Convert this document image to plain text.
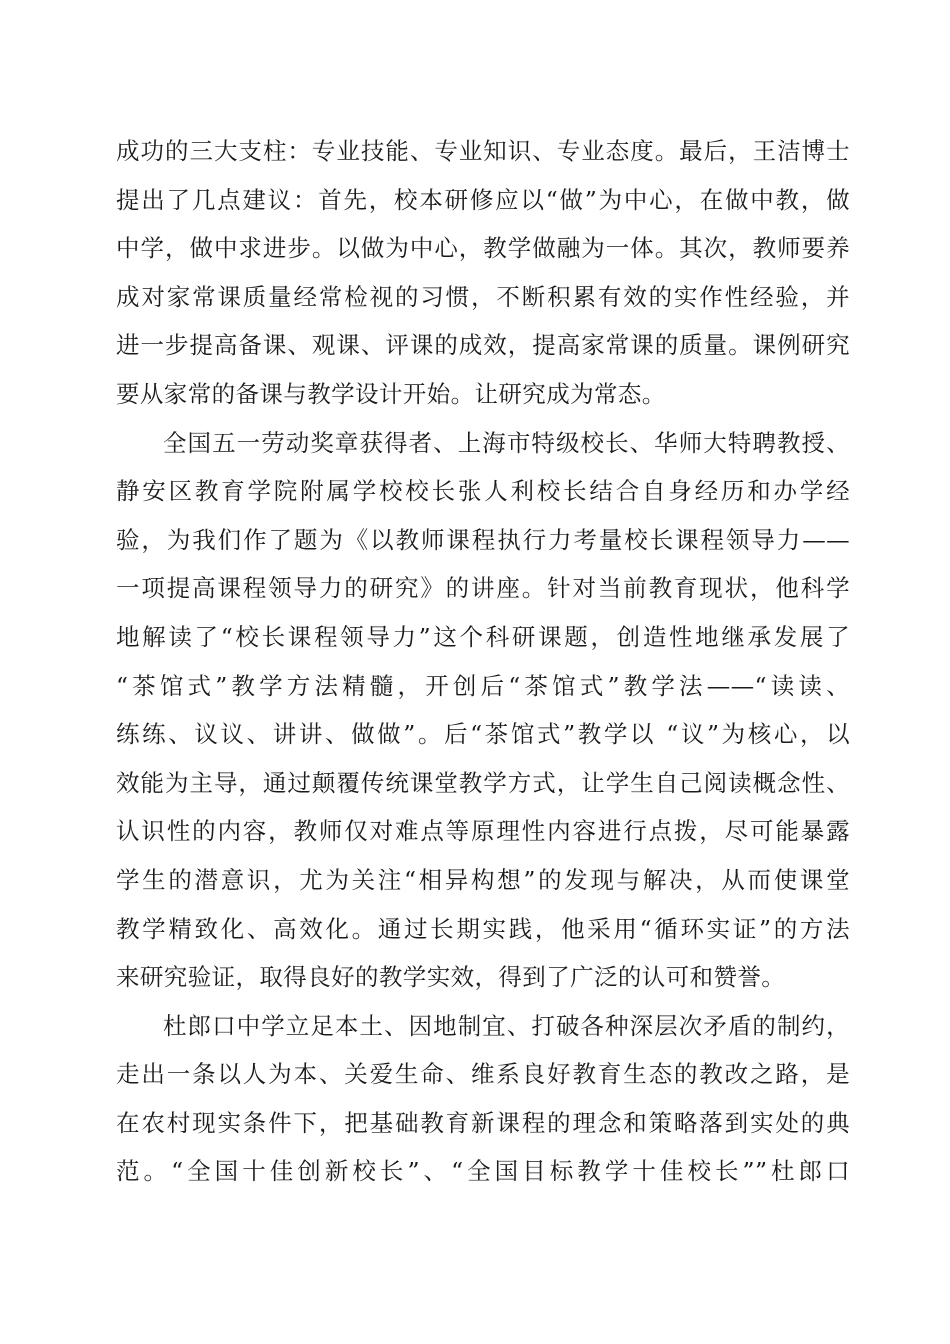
成功的三大支柱：专业技能、专业知识、专业态度。最后，王洁博士
提出了几点建议：首先，校本研修应以“做”为中心，在做中教，做
中学，做中求进步。以做为中心，教学做融为一体。其次，教师要养
成对家常课质量经常检视的习惯，不断积累有效的实作性经验，并
进一步提高备课、观课、评课的成效，提高家常课的质量。课例研究
要从家常的备课与教学设计开始。让研究成为常态。
全国五一劳动奖章获得者、上海市特级校长、华师大特聘教授、
静安区教育学院附属学校校长张人利校长结合自身经历和办学经
验，为我们作了题为《以教师课程执行力考量校长课程领导力——
一项提高课程领导力的研究》的讲座。针对当前教育现状，他科学
地解读了“校长课程领导力”这个科研课题，创造性地继承发展了
“茶馆式”教学方法精髓，开创后“茶馆式”教学法——“读读、
练练、议议、讲讲、做做”。后“茶馆式”教学以 “议”为核心，以
效能为主导，通过颠覆传统课堂教学方式，让学生自己阅读概念性、
认识性的内容，教师仅对难点等原理性内容进行点拨，尽可能暴露
学生的潜意识，尤为关注“相异构想”的发现与解决，从而使课堂
教学精致化、高效化。通过长期实践，他采用“循环实证”的方法
来研究验证，取得良好的教学实效，得到了广泛的认可和赞誉。
杜郎口中学立足本土、因地制宜、打破各种深层次矛盾的制约，
走出一条以人为本、关爱生命、维系良好教育生态的教改之路，是
在农村现实条件下，把基础教育新课程的理念和策略落到实处的典
范。“全国十佳创新校长”、“全国目标教学十佳校长””杜郎口
